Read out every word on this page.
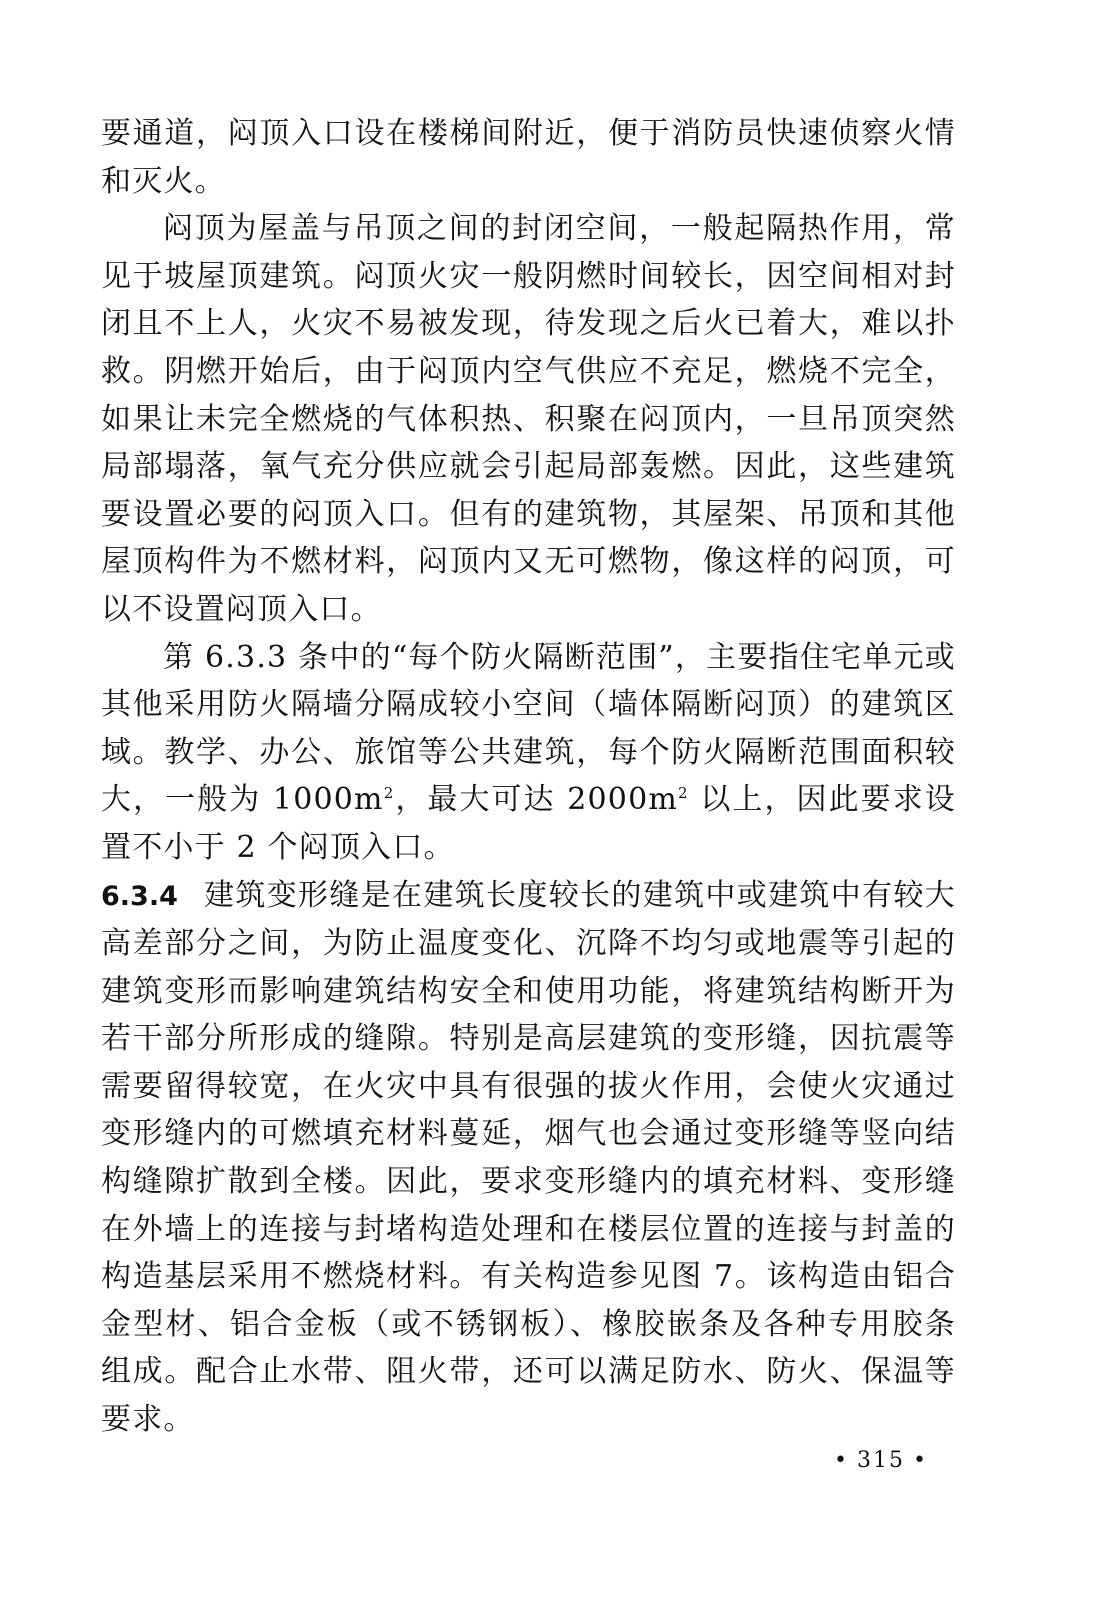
要通道，闷顶入口设在楼梯间附近，便于消防员快速侦察火情和灭火。

闷顶为屋盖与吊顶之间的封闭空间，一般起隔热作用，常见于坡屋顶建筑。闷顶火灾一般阴燃时间较长，因空间相对封闭且不上人，火灾不易被发现，待发现之后火已着大，难以扑救。阴燃开始后，由于闷顶内空气供应不充足，燃烧不完全，如果让未完全燃烧的气体积热、积聚在闷顶内，一旦吊顶突然局部塌落，氧气充分供应就会引起局部轰燃。因此，这些建筑要设置必要的闷顶入口。但有的建筑物，其屋架、吊顶和其他屋顶构件为不燃材料，闷顶内又无可燃物，像这样的闷顶，可以不设置闷顶入口。

第 6.3.3 条中的“每个防火隔断范围”，主要指住宅单元或其他采用防火隔墙分隔成较小空间（墙体隔断闷顶）的建筑区域。教学、办公、旅馆等公共建筑，每个防火隔断范围面积较大，一般为 $1000m^2$，最大可达 $2000m^2$ 以上，因此要求设置不小于 2 个闷顶入口。

6.3.4 建筑变形缝是在建筑长度较长的建筑中或建筑中有较大高差部分之间，为防止温度变化、沉降不均匀或地震等引起的建筑变形而影响建筑结构安全和使用功能，将建筑结构断开为若干部分所形成的缝隙。特别是高层建筑的变形缝，因抗震等需要留得较宽，在火灾中具有很强的拔火作用，会使火灾通过变形缝内的可燃填充材料蔓延，烟气也会通过变形缝等竖向结构缝隙扩散到全楼。因此，要求变形缝内的填充材料、变形缝在外墙上的连接与封堵构造处理和在楼层位置的连接与封盖的构造基层采用不燃烧材料。有关构造参见图 7。该构造由铝合金型材、铝合金板（或不锈钢板）、橡胶嵌条及各种专用胶条组成。配合止水带、阻火带，还可以满足防水、防火、保温等要求。

• 315 •
